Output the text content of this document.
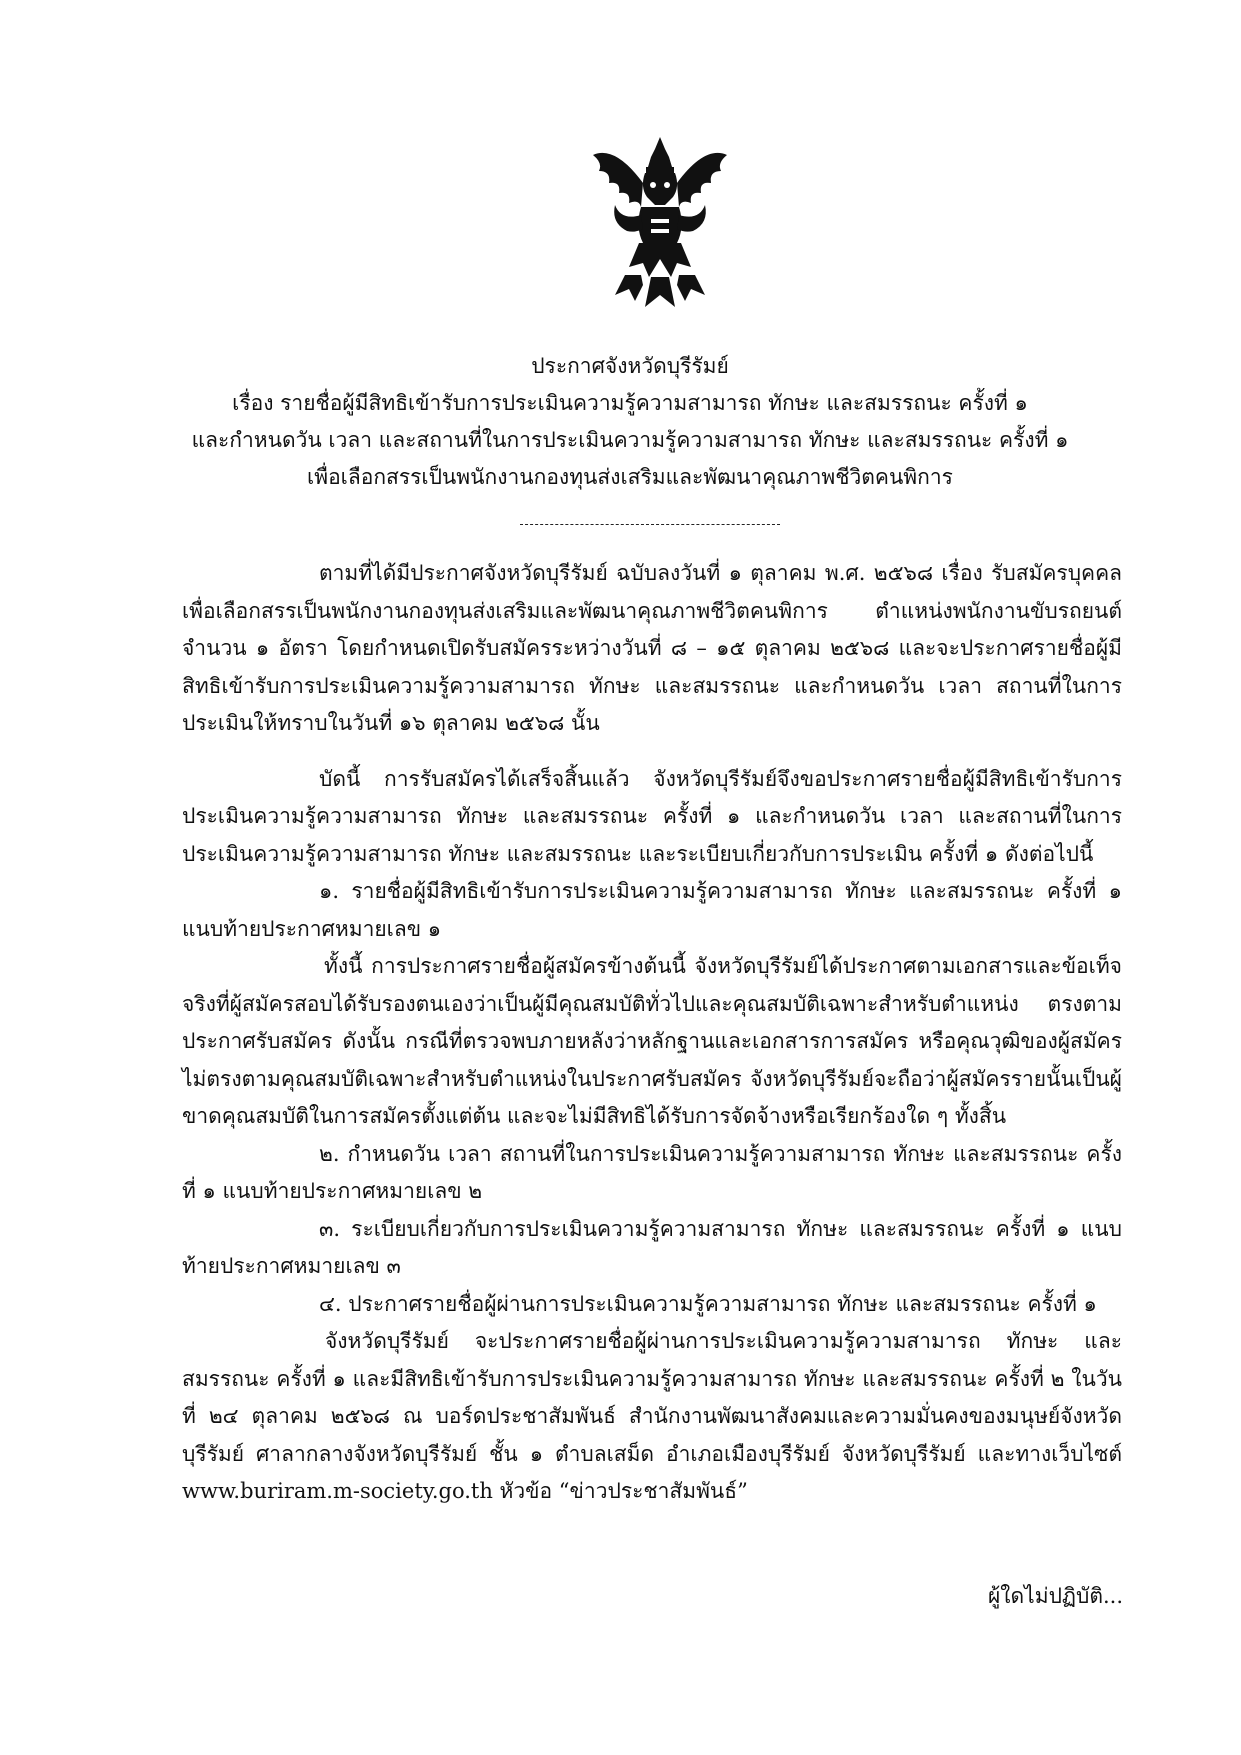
ประกาศจังหวัดบุรีรัมย์
เรื่อง รายชื่อผู้มีสิทธิเข้ารับการประเมินความรู้ความสามารถ ทักษะ และสมรรถนะ ครั้งที่ ๑
และกำหนดวัน เวลา และสถานที่ในการประเมินความรู้ความสามารถ ทักษะ และสมรรถนะ ครั้งที่ ๑
เพื่อเลือกสรรเป็นพนักงานกองทุนส่งเสริมและพัฒนาคุณภาพชีวิตคนพิการ

ตามที่ได้มีประกาศจังหวัดบุรีรัมย์ ฉบับลงวันที่ ๑ ตุลาคม พ.ศ. ๒๕๖๘ เรื่อง รับสมัครบุคคลเพื่อเลือกสรรเป็นพนักงานกองทุนส่งเสริมและพัฒนาคุณภาพชีวิตคนพิการ ตำแหน่งพนักงานขับรถยนต์ จำนวน ๑ อัตรา โดยกำหนดเปิดรับสมัครระหว่างวันที่ ๘ – ๑๕ ตุลาคม ๒๕๖๘ และจะประกาศรายชื่อผู้มีสิทธิเข้ารับการประเมินความรู้ความสามารถ ทักษะ และสมรรถนะ และกำหนดวัน เวลา สถานที่ในการประเมินให้ทราบในวันที่ ๑๖ ตุลาคม ๒๕๖๘ นั้น

บัดนี้ การรับสมัครได้เสร็จสิ้นแล้ว จังหวัดบุรีรัมย์จึงขอประกาศรายชื่อผู้มีสิทธิเข้ารับการประเมินความรู้ความสามารถ ทักษะ และสมรรถนะ ครั้งที่ ๑ และกำหนดวัน เวลา และสถานที่ในการประเมินความรู้ความสามารถ ทักษะ และสมรรถนะ และระเบียบเกี่ยวกับการประเมิน ครั้งที่ ๑ ดังต่อไปนี้

๑. รายชื่อผู้มีสิทธิเข้ารับการประเมินความรู้ความสามารถ ทักษะ และสมรรถนะ ครั้งที่ ๑ แนบท้ายประกาศหมายเลข ๑

ทั้งนี้ การประกาศรายชื่อผู้สมัครข้างต้นนี้ จังหวัดบุรีรัมย์ได้ประกาศตามเอกสารและข้อเท็จจริงที่ผู้สมัครสอบได้รับรองตนเองว่าเป็นผู้มีคุณสมบัติทั่วไปและคุณสมบัติเฉพาะสำหรับตำแหน่ง ตรงตามประกาศรับสมัคร ดังนั้น กรณีที่ตรวจพบภายหลังว่าหลักฐานและเอกสารการสมัคร หรือคุณวุฒิของผู้สมัครไม่ตรงตามคุณสมบัติเฉพาะสำหรับตำแหน่งในประกาศรับสมัคร จังหวัดบุรีรัมย์จะถือว่าผู้สมัครรายนั้นเป็นผู้ขาดคุณสมบัติในการสมัครตั้งแต่ต้น และจะไม่มีสิทธิได้รับการจัดจ้างหรือเรียกร้องใด ๆ ทั้งสิ้น

๒. กำหนดวัน เวลา สถานที่ในการประเมินความรู้ความสามารถ ทักษะ และสมรรถนะ ครั้งที่ ๑ แนบท้ายประกาศหมายเลข ๒

๓. ระเบียบเกี่ยวกับการประเมินความรู้ความสามารถ ทักษะ และสมรรถนะ ครั้งที่ ๑ แนบท้ายประกาศหมายเลข ๓

๔. ประกาศรายชื่อผู้ผ่านการประเมินความรู้ความสามารถ ทักษะ และสมรรถนะ ครั้งที่ ๑

จังหวัดบุรีรัมย์ จะประกาศรายชื่อผู้ผ่านการประเมินความรู้ความสามารถ ทักษะ และสมรรถนะ ครั้งที่ ๑ และมีสิทธิเข้ารับการประเมินความรู้ความสามารถ ทักษะ และสมรรถนะ ครั้งที่ ๒ ในวันที่ ๒๔ ตุลาคม ๒๕๖๘ ณ บอร์ดประชาสัมพันธ์ สำนักงานพัฒนาสังคมและความมั่นคงของมนุษย์จังหวัดบุรีรัมย์ ศาลากลางจังหวัดบุรีรัมย์ ชั้น ๑ ตำบลเสม็ด อำเภอเมืองบุรีรัมย์ จังหวัดบุรีรัมย์ และทางเว็บไซต์ www.buriram.m-society.go.th หัวข้อ “ข่าวประชาสัมพันธ์”

ผู้ใดไม่ปฏิบัติ...
